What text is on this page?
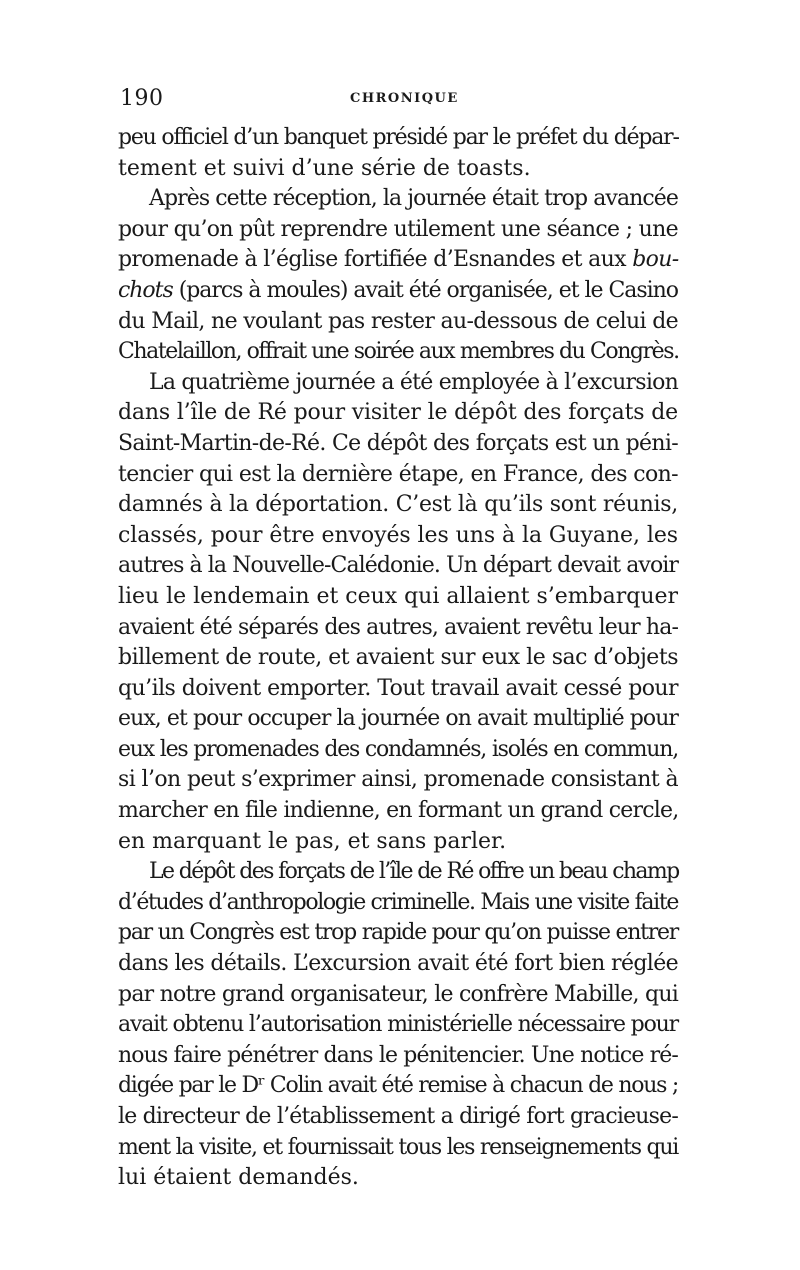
190	CHRONIQUE
peu officiel d’un banquet présidé par le préfet du dépar-
tement et suivi d’une série de toasts.
Après cette réception, la journée était trop avancée
pour qu’on pût reprendre utilement une séance ; une
promenade à l’église fortifiée d’Esnandes et aux bou-
chots (parcs à moules) avait été organisée, et le Casino
du Mail, ne voulant pas rester au-dessous de celui de
Chatelaillon, offrait une soirée aux membres du Congrès.
La quatrième journée a été employée à l’excursion
dans l’île de Ré pour visiter le dépôt des forçats de
Saint-Martin-de-Ré. Ce dépôt des forçats est un péni-
tencier qui est la dernière étape, en France, des con-
damnés à la déportation. C’est là qu’ils sont réunis,
classés, pour être envoyés les uns à la Guyane, les
autres à la Nouvelle-Calédonie. Un départ devait avoir
lieu le lendemain et ceux qui allaient s’embarquer
avaient été séparés des autres, avaient revêtu leur ha-
billement de route, et avaient sur eux le sac d’objets
qu’ils doivent emporter. Tout travail avait cessé pour
eux, et pour occuper la journée on avait multiplié pour
eux les promenades des condamnés, isolés en commun,
si l’on peut s’exprimer ainsi, promenade consistant à
marcher en file indienne, en formant un grand cercle,
en marquant le pas, et sans parler.
Le dépôt des forçats de l’île de Ré offre un beau champ
d’études d’anthropologie criminelle. Mais une visite faite
par un Congrès est trop rapide pour qu’on puisse entrer
dans les détails. L’excursion avait été fort bien réglée
par notre grand organisateur, le confrère Mabille, qui
avait obtenu l’autorisation ministérielle nécessaire pour
nous faire pénétrer dans le pénitencier. Une notice ré-
digée par le Dʳ Colin avait été remise à chacun de nous ;
le directeur de l’établissement a dirigé fort gracieuse-
ment la visite, et fournissait tous les renseignements qui
lui étaient demandés.
